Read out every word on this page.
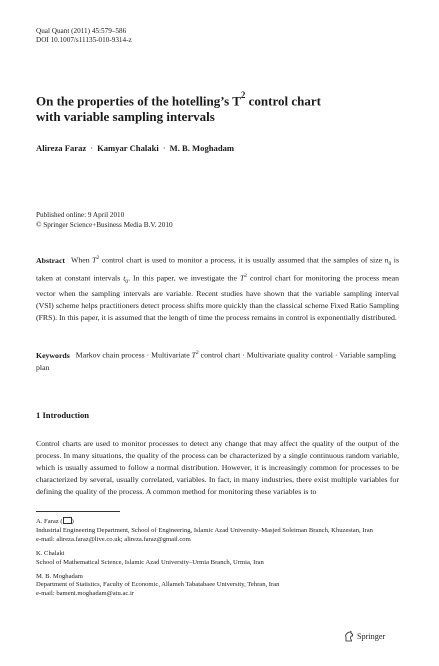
Qual Quant (2011) 45:579–586
DOI 10.1007/s11135-010-9314-z
On the properties of the hotelling’s $T^2$ control chart
with variable sampling intervals
Alireza Faraz · Kamyar Chalaki · M. B. Moghadam
Published online: 9 April 2010
© Springer Science+Business Media B.V. 2010
Abstract When $T^2$ control chart is used to monitor a process, it is usually assumed that the samples of size $n_0$ is taken at constant intervals $t_0$. In this paper, we investigate the $T^2$ control chart for monitoring the process mean vector when the sampling intervals are variable. Recent studies have shown that the variable sampling interval (VSI) scheme helps practitioners detect process shifts more quickly than the classical scheme Fixed Ratio Sampling (FRS). In this paper, it is assumed that the length of time the process remains in control is exponentially distributed.
Keywords Markov chain process · Multivariate $T^2$ control chart · Multivariate quality control · Variable sampling plan
1 Introduction
Control charts are used to monitor processes to detect any change that may affect the quality of the output of the process. In many situations, the quality of the process can be characterized by a single continuous random variable, which is usually assumed to follow a normal distribution. However, it is increasingly common for processes to be characterized by several, usually correlated, variables. In fact, in many industries, there exist multiple variables for defining the quality of the process. A common method for monitoring these variables is to
A. Faraz ( )
Industrial Engineering Department, School of Engineering, Islamic Azad University–Masjed Soleiman Branch, Khuzestan, Iran
e-mail: alireza.faraz@live.co.uk; alireza.faraz@gmail.com
K. Chalaki
School of Mathematical Science, Islamic Azad University–Urmia Branch, Urmia, Iran
M. B. Moghadam
Department of Statistics, Faculty of Economic, Allameh Tabatabaee University, Tehran, Iran
e-mail: bameni.moghadam@atu.ac.ir
Springer
